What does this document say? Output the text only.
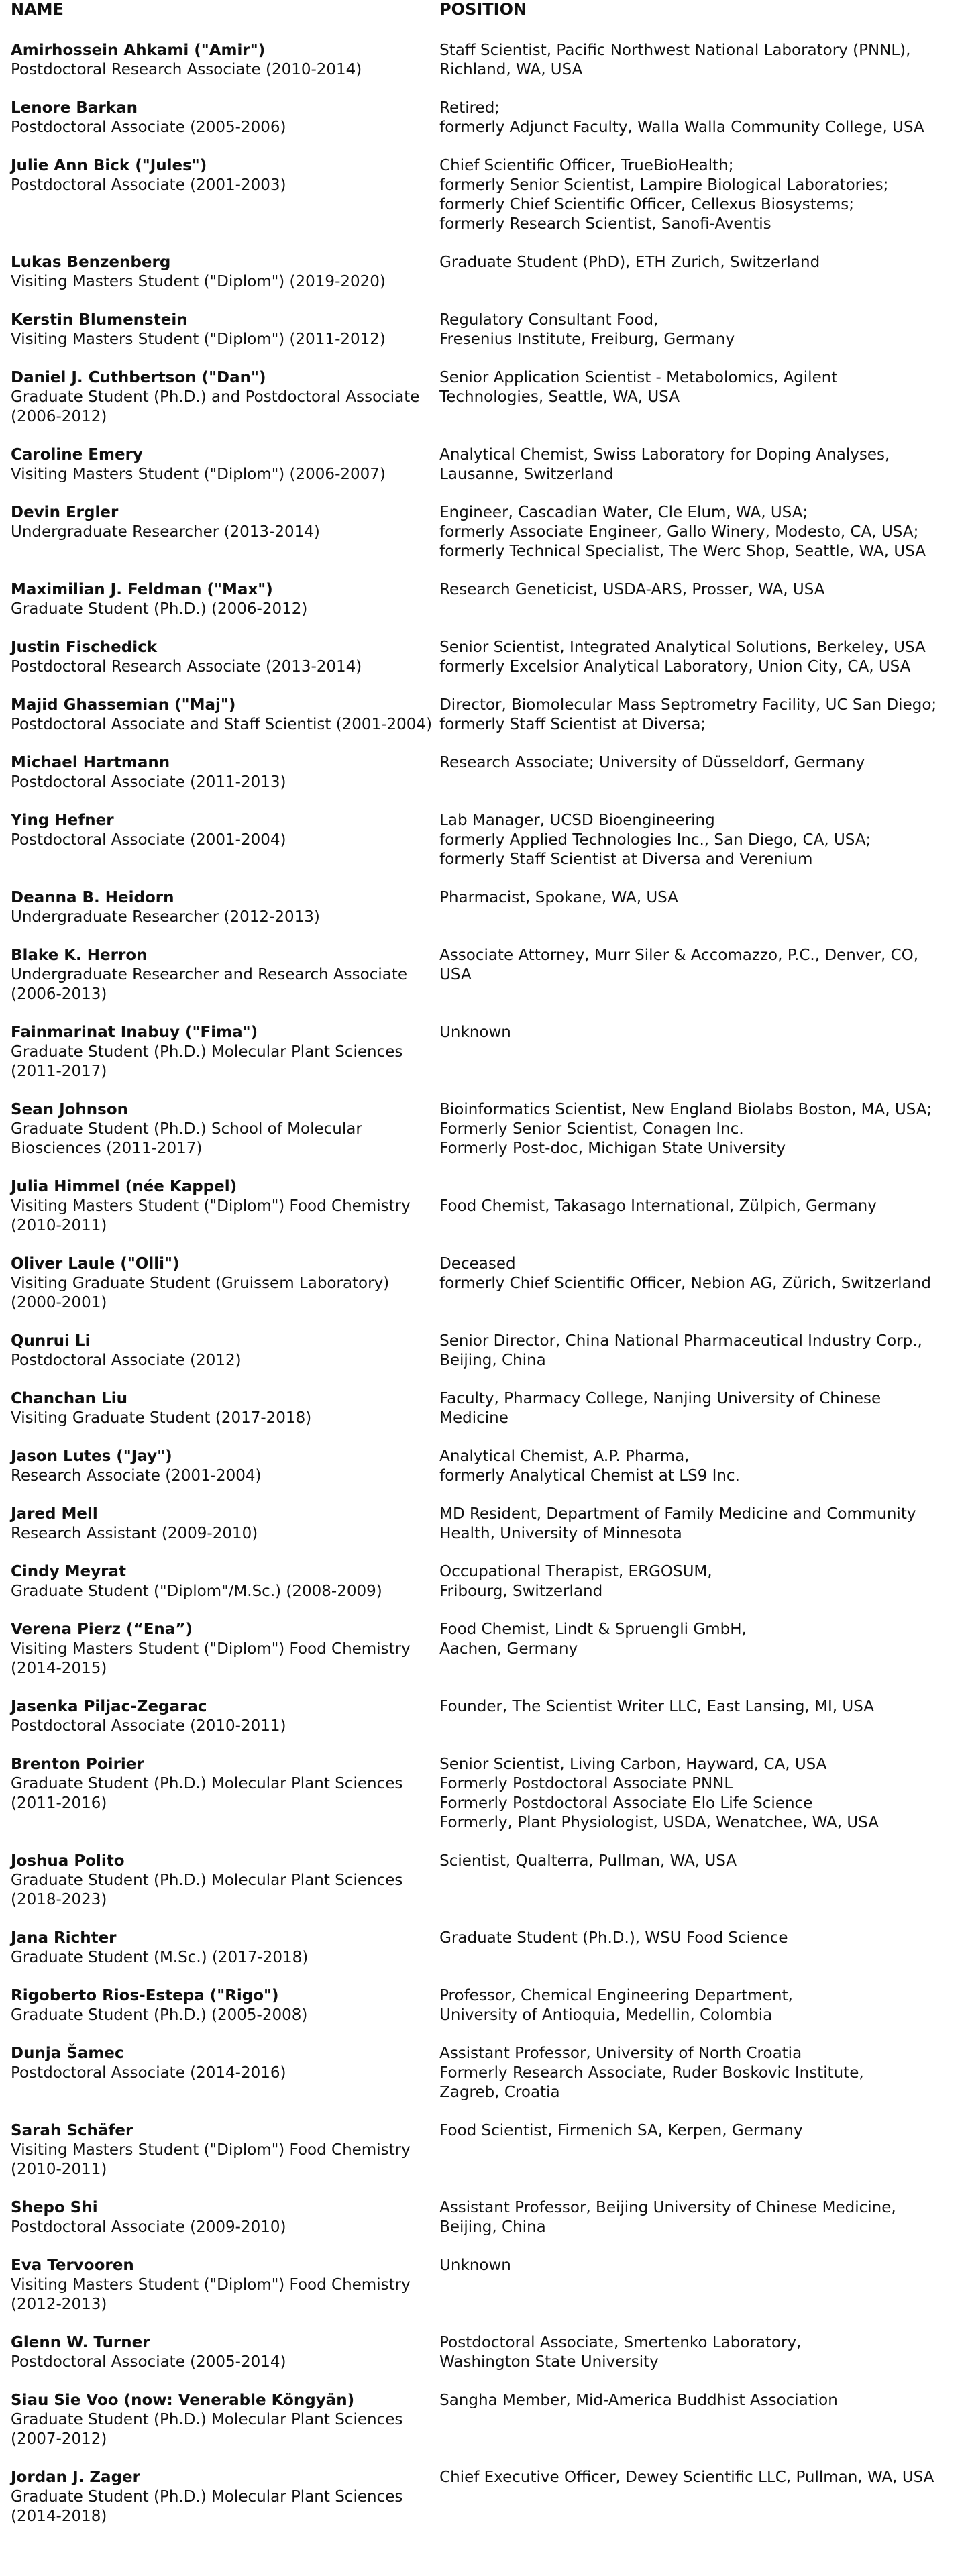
NAME	POSITION
Amirhossein Ahkami ("Amir")
Postdoctoral Research Associate (2010-2014)
Staff Scientist, Pacific Northwest National Laboratory (PNNL),
Richland, WA, USA
Lenore Barkan
Postdoctoral Associate (2005-2006)
Retired;
formerly Adjunct Faculty, Walla Walla Community College, USA
Julie Ann Bick ("Jules")
Postdoctoral Associate (2001-2003)
Chief Scientific Officer, TrueBioHealth;
formerly Senior Scientist, Lampire Biological Laboratories;
formerly Chief Scientific Officer, Cellexus Biosystems;
formerly Research Scientist, Sanofi-Aventis
Lukas Benzenberg
Visiting Masters Student ("Diplom") (2019-2020)
Graduate Student (PhD), ETH Zurich, Switzerland
Kerstin Blumenstein
Visiting Masters Student ("Diplom") (2011-2012)
Regulatory Consultant Food,
Fresenius Institute, Freiburg, Germany
Daniel J. Cuthbertson ("Dan")
Graduate Student (Ph.D.) and Postdoctoral Associate (2006-2012)
Senior Application Scientist - Metabolomics, Agilent
Technologies, Seattle, WA, USA
Caroline Emery
Visiting Masters Student ("Diplom") (2006-2007)
Analytical Chemist, Swiss Laboratory for Doping Analyses,
Lausanne, Switzerland
Devin Ergler
Undergraduate Researcher (2013-2014)
Engineer, Cascadian Water, Cle Elum, WA, USA;
formerly Associate Engineer, Gallo Winery, Modesto, CA, USA;
formerly Technical Specialist, The Werc Shop, Seattle, WA, USA
Maximilian J. Feldman ("Max")
Graduate Student (Ph.D.) (2006-2012)
Research Geneticist, USDA-ARS, Prosser, WA, USA
Justin Fischedick
Postdoctoral Research Associate (2013-2014)
Senior Scientist, Integrated Analytical Solutions, Berkeley, USA
formerly Excelsior Analytical Laboratory, Union City, CA, USA
Majid Ghassemian ("Maj")
Postdoctoral Associate and Staff Scientist (2001-2004)
Director, Biomolecular Mass Septrometry Facility, UC San Diego;
formerly Staff Scientist at Diversa;
Michael Hartmann
Postdoctoral Associate (2011-2013)
Research Associate; University of Düsseldorf, Germany
Ying Hefner
Postdoctoral Associate (2001-2004)
Lab Manager, UCSD Bioengineering
formerly Applied Technologies Inc., San Diego, CA, USA;
formerly Staff Scientist at Diversa and Verenium
Deanna B. Heidorn
Undergraduate Researcher (2012-2013)
Pharmacist, Spokane, WA, USA
Blake K. Herron
Undergraduate Researcher and Research Associate (2006-2013)
Associate Attorney, Murr Siler & Accomazzo, P.C., Denver, CO,
USA
Fainmarinat Inabuy ("Fima")
Graduate Student (Ph.D.) Molecular Plant Sciences (2011-2017)
Unknown
Sean Johnson
Graduate Student (Ph.D.) School of Molecular Biosciences (2011-2017)
Bioinformatics Scientist, New England Biolabs Boston, MA, USA;
Formerly Senior Scientist, Conagen Inc.
Formerly Post-doc, Michigan State University
Julia Himmel (née Kappel)
Visiting Masters Student ("Diplom") Food Chemistry (2010-2011)

Food Chemist, Takasago International, Zülpich, Germany
Oliver Laule ("Olli")
Visiting Graduate Student (Gruissem Laboratory) (2000-2001)
Deceased
formerly Chief Scientific Officer, Nebion AG, Zürich, Switzerland
Qunrui Li
Postdoctoral Associate (2012)
Senior Director, China National Pharmaceutical Industry Corp.,
Beijing, China
Chanchan Liu
Visiting Graduate Student (2017-2018)
Faculty, Pharmacy College, Nanjing University of Chinese
Medicine
Jason Lutes ("Jay")
Research Associate (2001-2004)
Analytical Chemist, A.P. Pharma,
formerly Analytical Chemist at LS9 Inc.
Jared Mell
Research Assistant (2009-2010)
MD Resident, Department of Family Medicine and Community
Health, University of Minnesota
Cindy Meyrat
Graduate Student ("Diplom"/M.Sc.) (2008-2009)
Occupational Therapist, ERGOSUM,
Fribourg, Switzerland
Verena Pierz (“Ena”)
Visiting Masters Student ("Diplom") Food Chemistry (2014-2015)
Food Chemist, Lindt & Spruengli GmbH,
Aachen, Germany
Jasenka Piljac-Zegarac
Postdoctoral Associate (2010-2011)
Founder, The Scientist Writer LLC, East Lansing, MI, USA
Brenton Poirier
Graduate Student (Ph.D.) Molecular Plant Sciences (2011-2016)
Senior Scientist, Living Carbon, Hayward, CA, USA
Formerly Postdoctoral Associate PNNL
Formerly Postdoctoral Associate Elo Life Science
Formerly, Plant Physiologist, USDA, Wenatchee, WA, USA
Joshua Polito
Graduate Student (Ph.D.) Molecular Plant Sciences (2018-2023)
Scientist, Qualterra, Pullman, WA, USA
Jana Richter
Graduate Student (M.Sc.) (2017-2018)
Graduate Student (Ph.D.), WSU Food Science
Rigoberto Rios-Estepa ("Rigo")
Graduate Student (Ph.D.) (2005-2008)
Professor, Chemical Engineering Department,
University of Antioquia, Medellin, Colombia
Dunja Šamec
Postdoctoral Associate (2014-2016)
Assistant Professor, University of North Croatia
Formerly Research Associate, Ruder Boskovic Institute,
Zagreb, Croatia
Sarah Schäfer
Visiting Masters Student ("Diplom") Food Chemistry (2010-2011)
Food Scientist, Firmenich SA, Kerpen, Germany
Shepo Shi
Postdoctoral Associate (2009-2010)
Assistant Professor, Beijing University of Chinese Medicine,
Beijing, China
Eva Tervooren
Visiting Masters Student ("Diplom") Food Chemistry (2012-2013)
Unknown
Glenn W. Turner
Postdoctoral Associate (2005-2014)
Postdoctoral Associate, Smertenko Laboratory,
Washington State University
Siau Sie Voo (now: Venerable Köngyän)
Graduate Student (Ph.D.) Molecular Plant Sciences (2007-2012)
Sangha Member, Mid-America Buddhist Association
Jordan J. Zager
Graduate Student (Ph.D.) Molecular Plant Sciences (2014-2018)
Chief Executive Officer, Dewey Scientific LLC, Pullman, WA, USA
